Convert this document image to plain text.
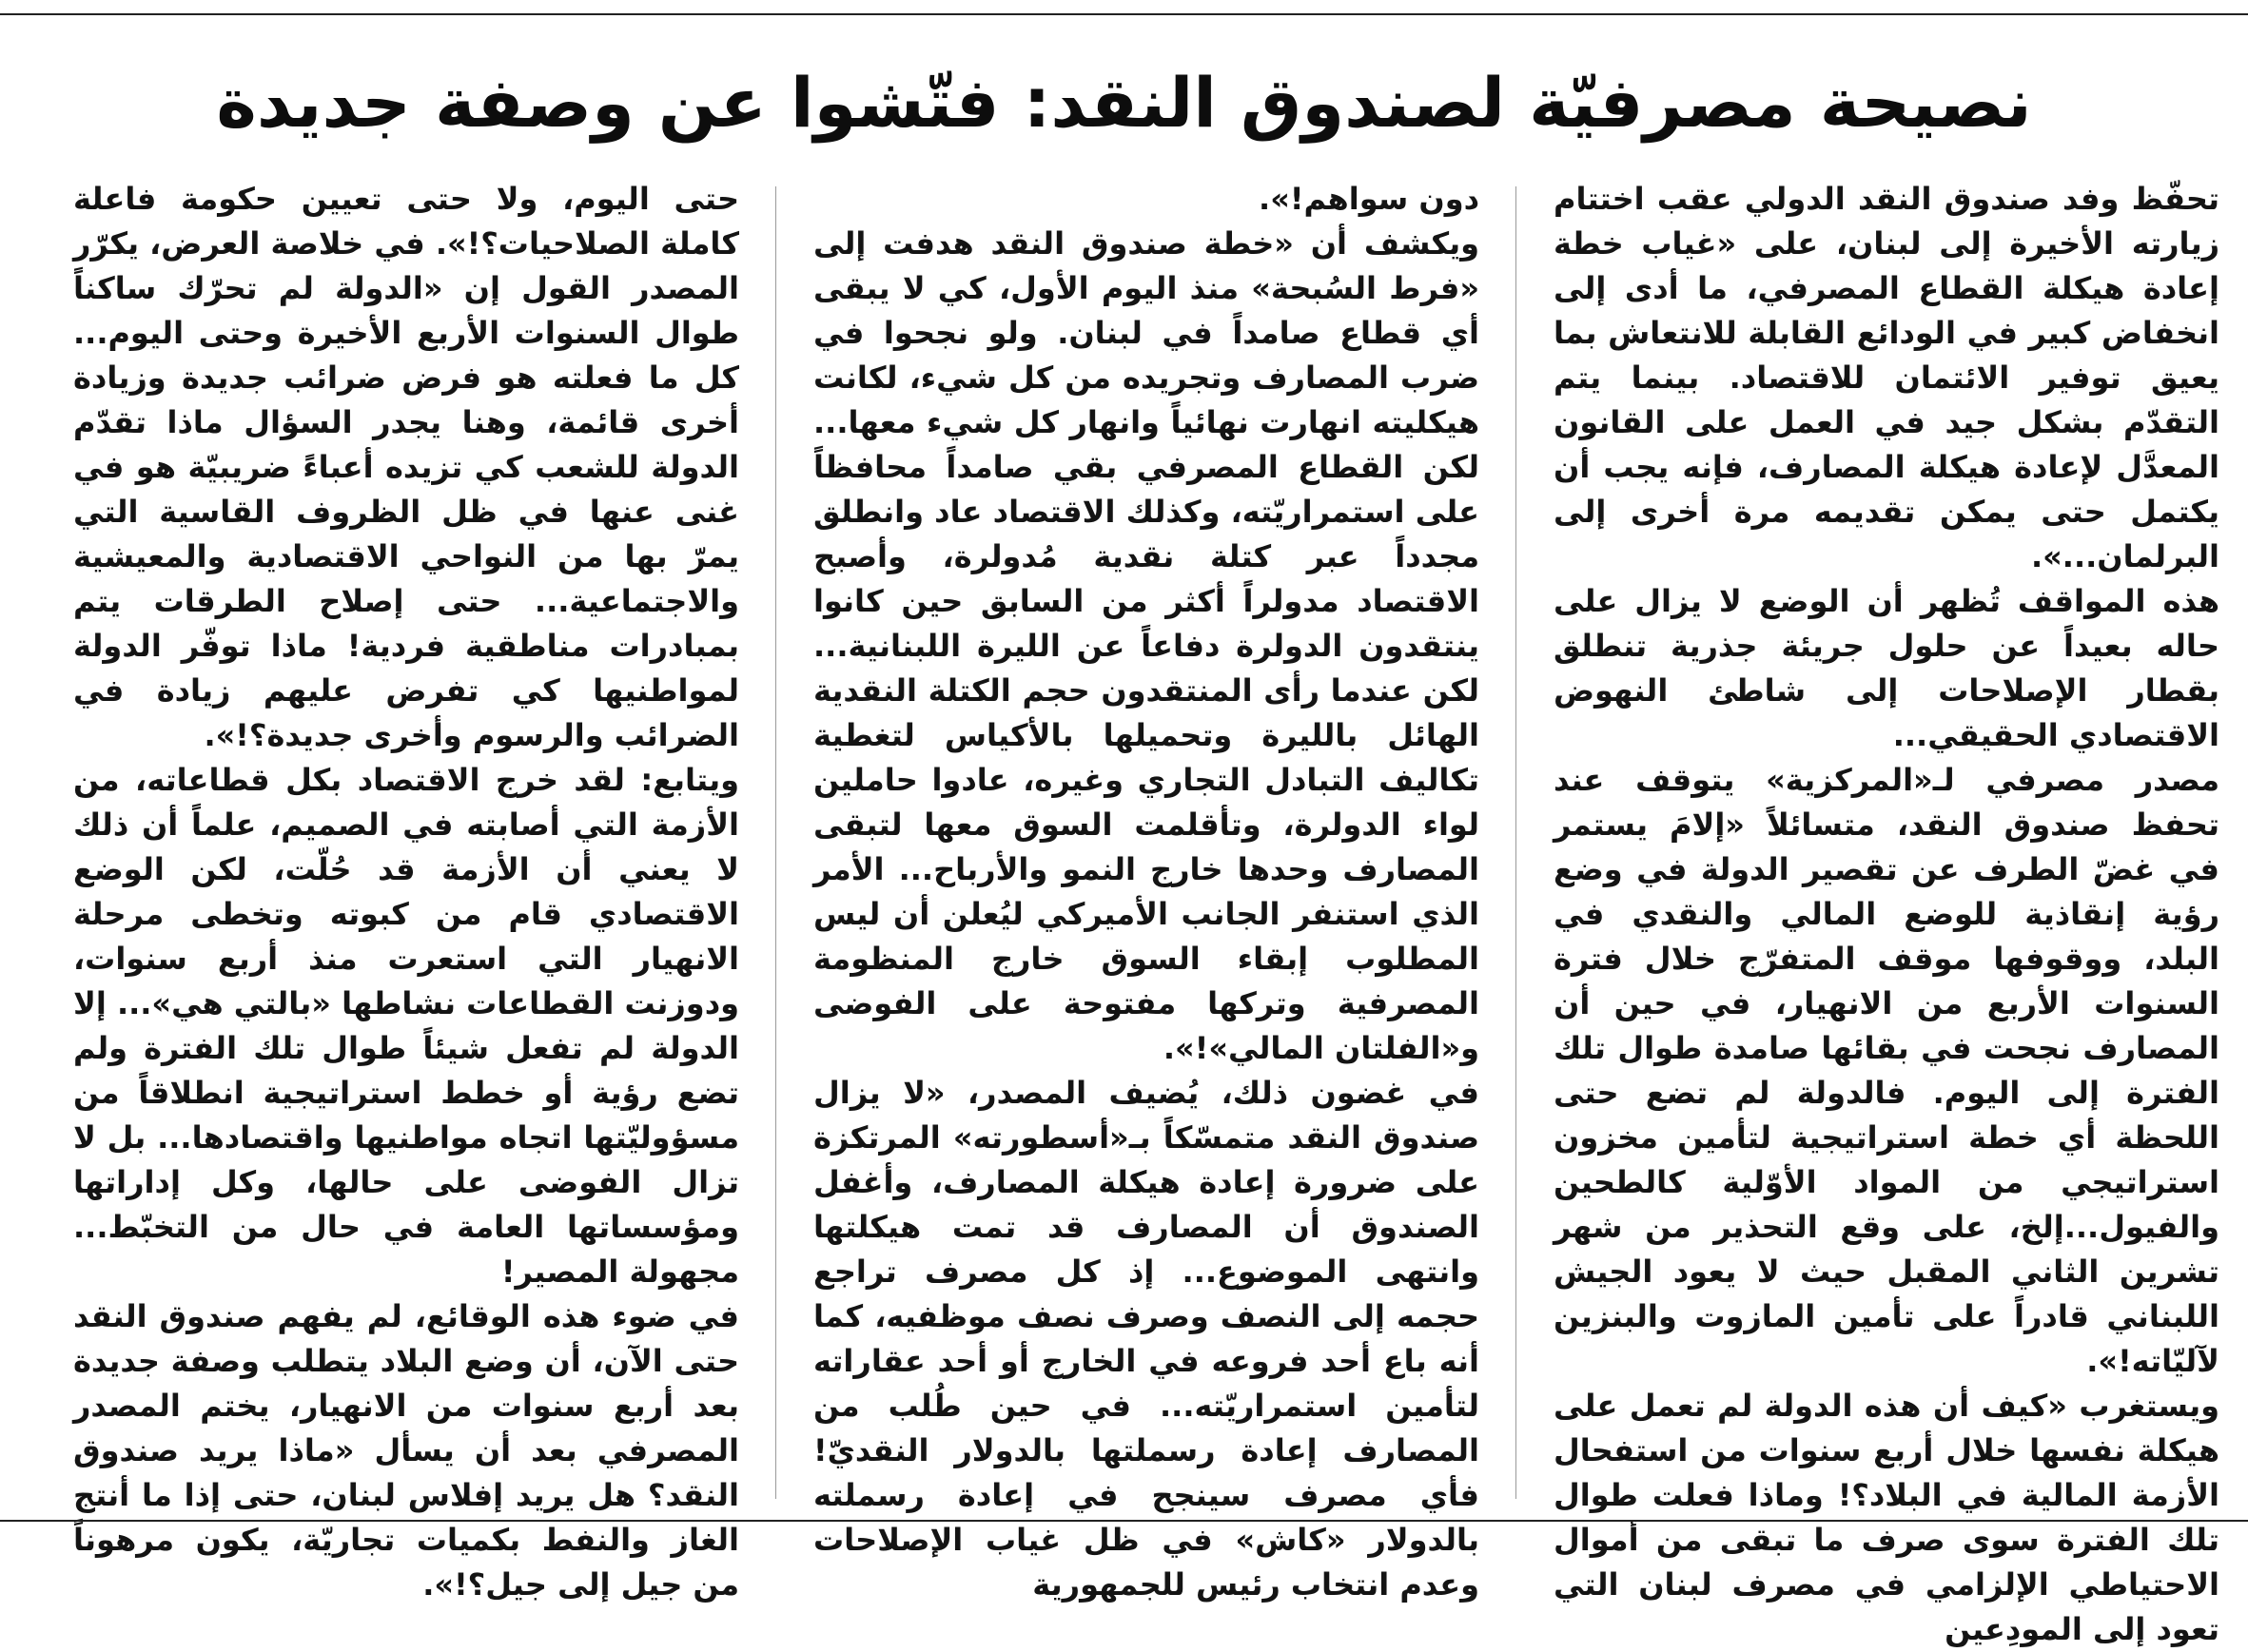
نصيحة مصرفيّة لصندوق النقد: فتّشوا عن وصفة جديدة

تحفّظ وفد صندوق النقد الدولي عقب اختتام زيارته الأخيرة إلى لبنان، على «غياب خطة إعادة هيكلة القطاع المصرفي، ما أدى إلى انخفاض كبير في الودائع القابلة للانتعاش بما يعيق توفير الائتمان للاقتصاد. بينما يتم التقدّم بشكل جيد في العمل على القانون المعدَّل لإعادة هيكلة المصارف، فإنه يجب أن يكتمل حتى يمكن تقديمه مرة أخرى إلى البرلمان...».

هذه المواقف تُظهر أن الوضع لا يزال على حاله بعيداً عن حلول جريئة جذرية تنطلق بقطار الإصلاحات إلى شاطئ النهوض الاقتصادي الحقيقي...

مصدر مصرفي لـ«المركزية» يتوقف عند تحفظ صندوق النقد، متسائلاً «إلامَ يستمر في غضّ الطرف عن تقصير الدولة في وضع رؤية إنقاذية للوضع المالي والنقدي في البلد، ووقوفها موقف المتفرّج خلال فترة السنوات الأربع من الانهيار، في حين أن المصارف نجحت في بقائها صامدة طوال تلك الفترة إلى اليوم. فالدولة لم تضع حتى اللحظة أي خطة استراتيجية لتأمين مخزون استراتيجي من المواد الأوّلية كالطحين والفيول...إلخ، على وقع التحذير من شهر تشرين الثاني المقبل حيث لا يعود الجيش اللبناني قادراً على تأمين المازوت والبنزين لآليّاته!».

ويستغرب «كيف أن هذه الدولة لم تعمل على هيكلة نفسها خلال أربع سنوات من استفحال الأزمة المالية في البلاد؟! وماذا فعلت طوال تلك الفترة سوى صرف ما تبقى من أموال الاحتياطي الإلزامي في مصرف لبنان التي تعود إلى المودِعين

دون سواهم!».

ويكشف أن «خطة صندوق النقد هدفت إلى «فرط السُبحة» منذ اليوم الأول، كي لا يبقى أي قطاع صامداً في لبنان. ولو نجحوا في ضرب المصارف وتجريده من كل شيء، لكانت هيكليته انهارت نهائياً وانهار كل شيء معها... لكن القطاع المصرفي بقي صامداً محافظاً على استمراريّته، وكذلك الاقتصاد عاد وانطلق مجدداً عبر كتلة نقدية مُدولرة، وأصبح الاقتصاد مدولراً أكثر من السابق حين كانوا ينتقدون الدولرة دفاعاً عن الليرة اللبنانية... لكن عندما رأى المنتقدون حجم الكتلة النقدية الهائل بالليرة وتحميلها بالأكياس لتغطية تكاليف التبادل التجاري وغيره، عادوا حاملين لواء الدولرة، وتأقلمت السوق معها لتبقى المصارف وحدها خارج النمو والأرباح... الأمر الذي استنفر الجانب الأميركي ليُعلن أن ليس المطلوب إبقاء السوق خارج المنظومة المصرفية وتركها مفتوحة على الفوضى و«الفلتان المالي»!».

في غضون ذلك، يُضيف المصدر، «لا يزال صندوق النقد متمسّكاً بـ«أسطورته» المرتكزة على ضرورة إعادة هيكلة المصارف، وأغفل الصندوق أن المصارف قد تمت هيكلتها وانتهى الموضوع... إذ كل مصرف تراجع حجمه إلى النصف وصرف نصف موظفيه، كما أنه باع أحد فروعه في الخارج أو أحد عقاراته لتأمين استمراريّته... في حين طُلب من المصارف إعادة رسملتها بالدولار النقديّ! فأي مصرف سينجح في إعادة رسملته بالدولار «كاش» في ظل غياب الإصلاحات وعدم انتخاب رئيس للجمهورية

حتى اليوم، ولا حتى تعيين حكومة فاعلة كاملة الصلاحيات؟!». في خلاصة العرض، يكرّر المصدر القول إن «الدولة لم تحرّك ساكناً طوال السنوات الأربع الأخيرة وحتى اليوم... كل ما فعلته هو فرض ضرائب جديدة وزيادة أخرى قائمة، وهنا يجدر السؤال ماذا تقدّم الدولة للشعب كي تزيده أعباءً ضريبيّة هو في غنى عنها في ظل الظروف القاسية التي يمرّ بها من النواحي الاقتصادية والمعيشية والاجتماعية... حتى إصلاح الطرقات يتم بمبادرات مناطقية فردية! ماذا توفّر الدولة لمواطنيها كي تفرض عليهم زيادة في الضرائب والرسوم وأخرى جديدة؟!».

ويتابع: لقد خرج الاقتصاد بكل قطاعاته، من الأزمة التي أصابته في الصميم، علماً أن ذلك لا يعني أن الأزمة قد حُلّت، لكن الوضع الاقتصادي قام من كبوته وتخطى مرحلة الانهيار التي استعرت منذ أربع سنوات، ودوزنت القطاعات نشاطها «بالتي هي»... إلا الدولة لم تفعل شيئاً طوال تلك الفترة ولم تضع رؤية أو خطط استراتيجية انطلاقاً من مسؤوليّتها اتجاه مواطنيها واقتصادها... بل لا تزال الفوضى على حالها، وكل إداراتها ومؤسساتها العامة في حال من التخبّط... مجهولة المصير!

في ضوء هذه الوقائع، لم يفهم صندوق النقد حتى الآن، أن وضع البلاد يتطلب وصفة جديدة بعد أربع سنوات من الانهيار، يختم المصدر المصرفي بعد أن يسأل «ماذا يريد صندوق النقد؟ هل يريد إفلاس لبنان، حتى إذا ما أنتج الغاز والنفط بكميات تجاريّة، يكون مرهوناً من جيل إلى جيل؟!».
